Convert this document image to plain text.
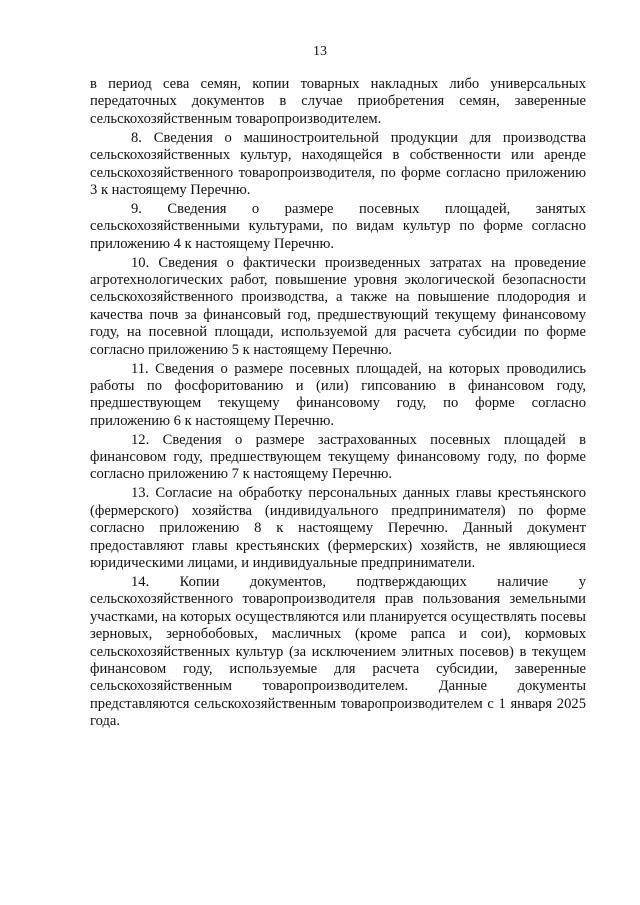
13

в период сева семян, копии товарных накладных либо универсальных передаточных документов в случае приобретения семян, заверенные сельскохозяйственным товаропроизводителем.

8. Сведения о машиностроительной продукции для производства сельскохозяйственных культур, находящейся в собственности или аренде сельскохозяйственного товаропроизводителя, по форме согласно приложению 3 к настоящему Перечню.

9. Сведения о размере посевных площадей, занятых сельскохозяйственными культурами, по видам культур по форме согласно приложению 4 к настоящему Перечню.

10. Сведения о фактически произведенных затратах на проведение агротехнологических работ, повышение уровня экологической безопасности сельскохозяйственного производства, а также на повышение плодородия и качества почв за финансовый год, предшествующий текущему финансовому году, на посевной площади, используемой для расчета субсидии по форме согласно приложению 5 к настоящему Перечню.

11. Сведения о размере посевных площадей, на которых проводились работы по фосфоритованию и (или) гипсованию в финансовом году, предшествующем текущему финансовому году, по форме согласно приложению 6 к настоящему Перечню.

12. Сведения о размере застрахованных посевных площадей в финансовом году, предшествующем текущему финансовому году, по форме согласно приложению 7 к настоящему Перечню.

13. Согласие на обработку персональных данных главы крестьянского (фермерского) хозяйства (индивидуального предпринимателя) по форме согласно приложению 8 к настоящему Перечню. Данный документ предоставляют главы крестьянских (фермерских) хозяйств, не являющиеся юридическими лицами, и индивидуальные предприниматели.

14. Копии документов, подтверждающих наличие у сельскохозяйственного товаропроизводителя прав пользования земельными участками, на которых осуществляются или планируется осуществлять посевы зерновых, зернобобовых, масличных (кроме рапса и сои), кормовых сельскохозяйственных культур (за исключением элитных посевов) в текущем финансовом году, используемые для расчета субсидии, заверенные сельскохозяйственным товаропроизводителем. Данные документы представляются сельскохозяйственным товаропроизводителем с 1 января 2025 года.
